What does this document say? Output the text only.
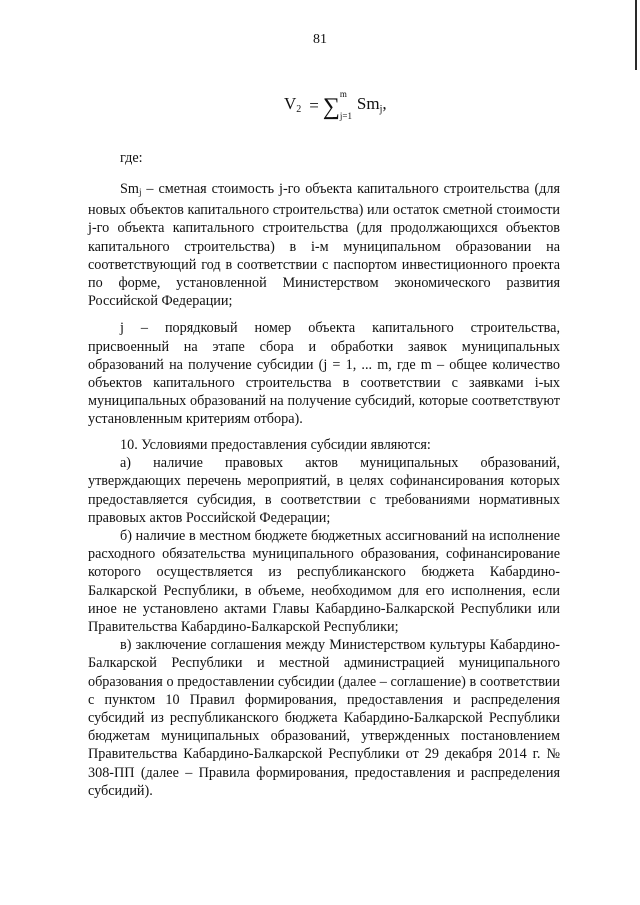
81
$V_2$ = ∑ m
j=1
Smj,
где:

Smj – сметная стоимость j-го объекта капитального строительства (для новых объектов капитального строительства) или остаток сметной стоимости j-го объекта капитального строительства (для продолжающихся объектов капитального строительства) в i-м муниципальном образовании на соответствующий год в соответствии с паспортом инвестиционного проекта по форме, установленной Министерством экономического развития Российской Федерации;

j – порядковый номер объекта капитального строительства, присвоенный на этапе сбора и обработки заявок муниципальных образований на получение субсидии (j = 1, ... m, где m – общее количество объектов капитального строительства в соответствии с заявками i-ых муниципальных образований на получение субсидий, которые соответствуют установленным критериям отбора).

10. Условиями предоставления субсидии являются:

а) наличие правовых актов муниципальных образований, утверждающих перечень мероприятий, в целях софинансирования которых предоставляется субсидия, в соответствии с требованиями нормативных правовых актов Российской Федерации;

б) наличие в местном бюджете бюджетных ассигнований на исполнение расходного обязательства муниципального образования, софинансирование которого осуществляется из республиканского бюджета Кабардино-Балкарской Республики, в объеме, необходимом для его исполнения, если иное не установлено актами Главы Кабардино-Балкарской Республики или Правительства Кабардино-Балкарской Республики;

в) заключение соглашения между Министерством культуры Кабардино-Балкарской Республики и местной администрацией муниципального образования о предоставлении субсидии (далее – соглашение) в соответствии с пунктом 10 Правил формирования, предоставления и распределения субсидий из республиканского бюджета Кабардино-Балкарской Республики бюджетам муниципальных образований, утвержденных постановлением Правительства Кабардино-Балкарской Республики от 29 декабря 2014 г. № 308-ПП (далее – Правила формирования, предоставления и распределения субсидий).
